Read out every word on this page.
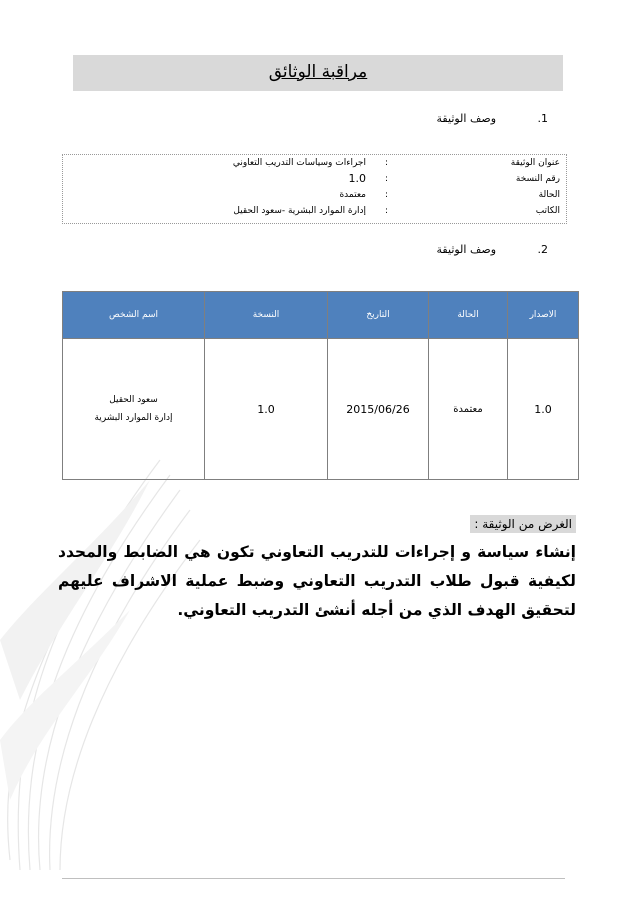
مراقبة الوثائق
1.وصف الوثيقة
عنوان الوثيقة
:
اجراءات وسياسات التدريب التعاوني
رقم النسخة
:
1.0
الحالة
:
معتمدة
الكاتب
:
إدارة الموارد البشرية -سعود الحقيل
2.وصف الوثيقة
الاصدار	الحالة	التاريخ	النسخة	اسم الشخص
1.0	معتمدة	2015/06/26	1.0	سعود الحقيل
إدارة الموارد البشرية
الغرض من الوثيقة :
إنشاء سياسة و إجراءات للتدريب التعاوني تكون هي الضابط والمحدد لكيفية قبول طلاب التدريب التعاوني وضبط عملية الاشراف عليهم لتحقيق الهدف الذي من أجله أنشئ التدريب التعاوني.
